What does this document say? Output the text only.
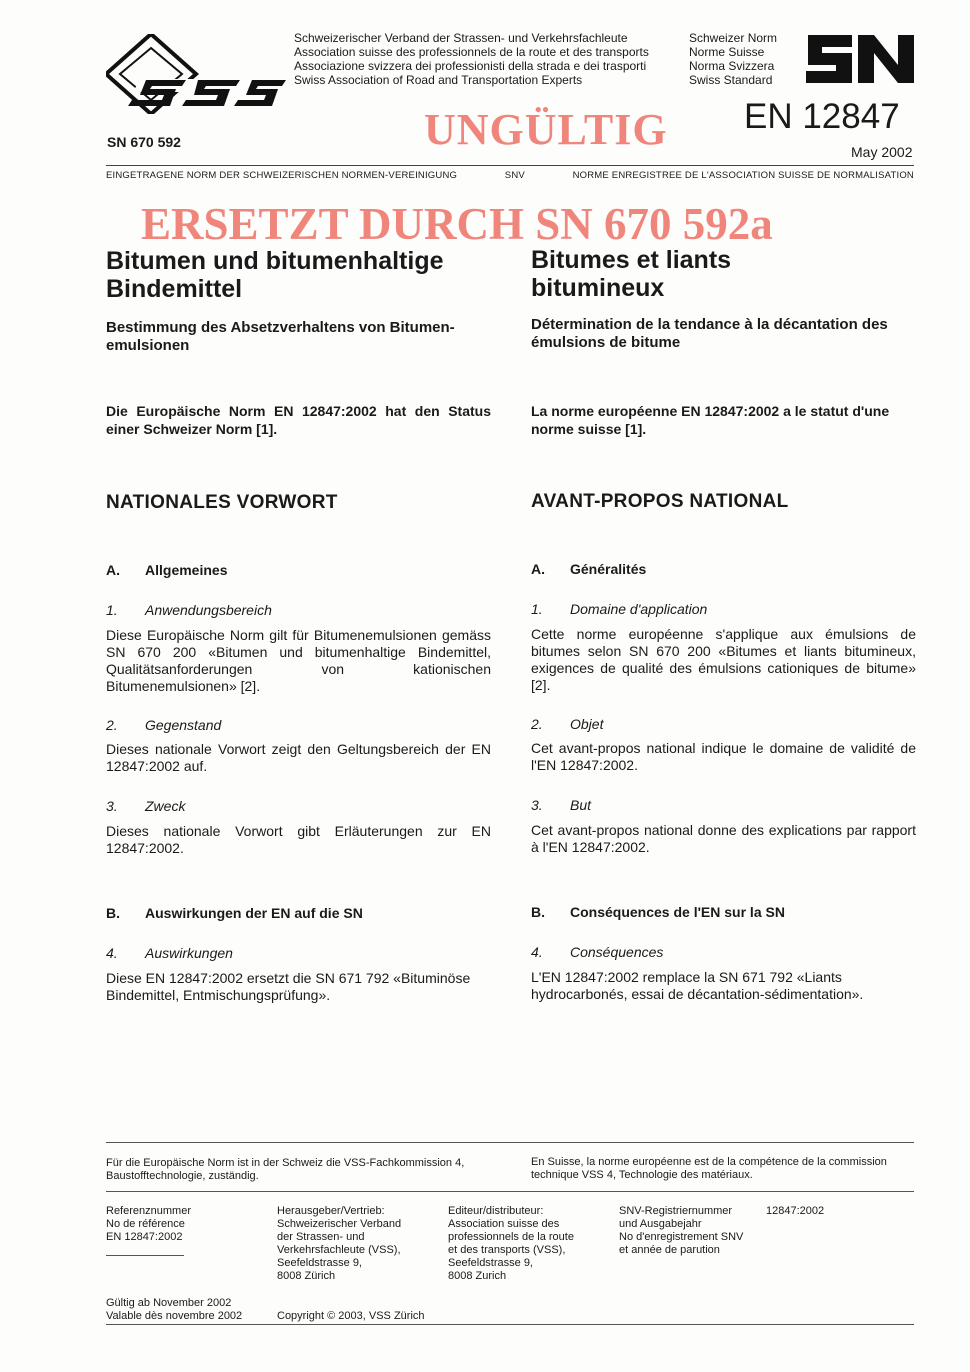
Schweizerischer Verband der Strassen- und Verkehrsfachleute
Association suisse des professionnels de la route et des transports
Associazione svizzera dei professionisti della strada e dei trasporti
Swiss Association of Road and Transportation Experts
Schweizer Norm
Norme Suisse
Norma Svizzera
Swiss Standard
EN 12847
May 2002
SN 670 592	UNGÜLTIG
EINGETRAGENE NORM DER SCHWEIZERISCHEN NORMEN-VEREINIGUNG	SNV	NORME ENREGISTREE DE L'ASSOCIATION SUISSE DE NORMALISATION
ERSETZT DURCH SN 670 592a
Bitumen und bitumenhaltige
Bindemittel
Bitumes et liants
bitumineux
Bestimmung des Absetzverhaltens von Bitumen-emulsionen
Détermination de la tendance à la décantation des émulsions de bitume
Die Europäische Norm EN 12847:2002 hat den Status einer Schweizer Norm [1].
La norme européenne EN 12847:2002 a le statut d'une norme suisse [1].
NATIONALES VORWORT	AVANT-PROPOS NATIONAL
A. Allgemeines	A. Généralités
1. Anwendungsbereich	1. Domaine d'application
Diese Europäische Norm gilt für Bitumenemulsionen gemäss SN 670 200 «Bitumen und bitumenhaltige Bindemittel, Qualitätsanforderungen von kationischen Bitumenemulsionen» [2].
Cette norme européenne s'applique aux émulsions de bitumes selon SN 670 200 «Bitumes et liants bitumineux, exigences de qualité des émulsions cationiques de bitume» [2].
2. Gegenstand	2. Objet
Dieses nationale Vorwort zeigt den Geltungsbereich der EN 12847:2002 auf.
Cet avant-propos national indique le domaine de validité de l'EN 12847:2002.
3. Zweck	3. But
Dieses nationale Vorwort gibt Erläuterungen zur EN 12847:2002.
Cet avant-propos national donne des explications par rapport à l'EN 12847:2002.
B. Auswirkungen der EN auf die SN	B. Conséquences de l'EN sur la SN
4. Auswirkungen	4. Conséquences
Diese EN 12847:2002 ersetzt die SN 671 792 «Bituminöse Bindemittel, Entmischungsprüfung».
L'EN 12847:2002 remplace la SN 671 792 «Liants hydrocarbonés, essai de décantation-sédimentation».
Für die Europäische Norm ist in der Schweiz die VSS-Fachkommission 4, Baustofftechnologie, zuständig.
En Suisse, la norme européenne est de la compétence de la commission technique VSS 4, Technologie des matériaux.
Referenznummer
No de référence
EN 12847:2002
Herausgeber/Vertrieb:
Schweizerischer Verband
der Strassen- und
Verkehrsfachleute (VSS),
Seefeldstrasse 9,
8008 Zürich
Editeur/distributeur:
Association suisse des
professionnels de la route
et des transports (VSS),
Seefeldstrasse 9,
8008 Zurich
SNV-Registriernummer
und Ausgabejahr
No d'enregistrement SNV
et année de parution
12847:2002
Gültig ab November 2002
Valable dès novembre 2002	Copyright © 2003, VSS Zürich
